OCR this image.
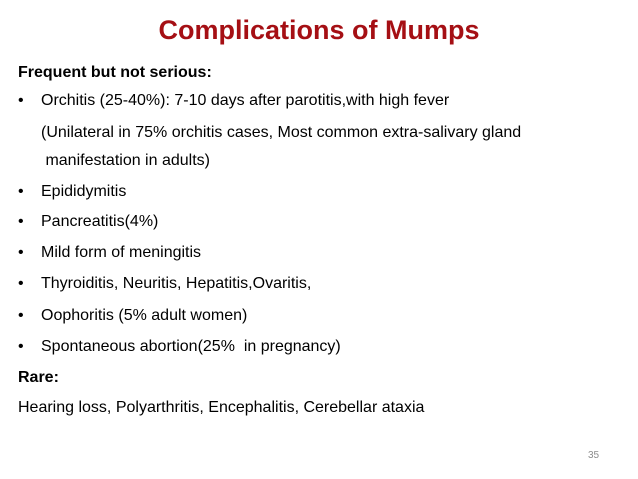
Complications of Mumps
Frequent but not serious:
• Orchitis (25-40%): 7-10 days after parotitis,with high fever
(Unilateral in 75% orchitis cases, Most common extra-salivary gland
manifestation in adults)
• Epididymitis
• Pancreatitis(4%)
• Mild form of meningitis
• Thyroiditis, Neuritis, Hepatitis,Ovaritis,
• Oophoritis (5% adult women)
• Spontaneous abortion(25%  in pregnancy)
Rare:
Hearing loss, Polyarthritis, Encephalitis, Cerebellar ataxia
35
